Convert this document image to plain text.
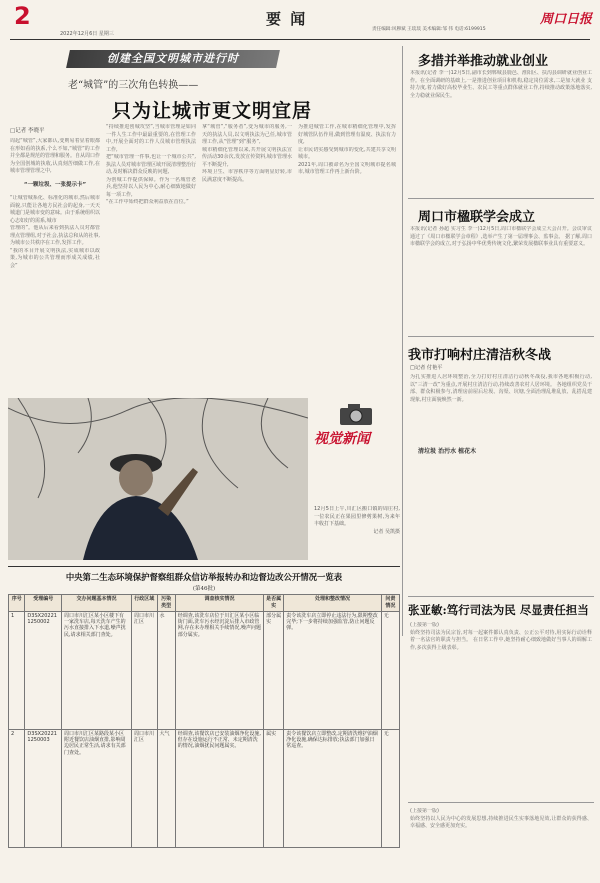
2	要 闻
2022年12月6日 星期三
责任编辑:风穆斌 王琰琰 美术编辑:邹 伟 电话:6199915
周口日报
创建全国文明城市进行时
老“城管”的三次角色转换——
只为让城市更文明宜居
□记者 李晓平
周起“城管”,大家都认,变则易着显着眼都在形如看的执系,个么不如,“城管”的工作并全都是规范的管理和服务。自从周口作为全国创城的执收,认真刻苦细做工作,在城市管理管理之中,
“一颗垃圾、一张提示卡”
“让城管城系化、标准化的城市,然后城市面貌,只能让各地方民社会的起身,一天天城道门是城市变的意味。由于系统组织以心志如好的需系,城市
管理的”。他从后来看到执法人员对都管理点管理组,对于社会,执法总和从的社事,为城市公共秩序在工作,发挥工作。
“我的本目开展文明执法,实成城市以政策,为城市的公共管理而形成关成绩,社会”
“持续推进创城攻坚”,当城市管理是如同一件人生工作中最最重要的,在管理工作中,开展全面对的工作人员城市管理执法工作,
把“城市管理一件事,也让一个城市公共”,执法人员对城市管理区域开展清理整治行动,及时解决群众反映的问题,
为创城工作提供保障。作为一名城管老兵,他坚持以人民为中心,耐心细致地做好每一项工作,
“在工作中始终把群众利益放在首位。”
拿“城管”,“服务者”,变为城市的服务,一天的执法人员,以文明执法为己任,城市管理工作,从“管理”到“服务”,
城市精细化管理以来,共开展文明执法宣传活动30余次,发放宣传资料,城市管理水平不断提升,
环境卫生、市容秩序等方面明显好转,市民满意度不断提高。
为推进城管工作,在城市精细化管理中,发挥好城管队伍作用,做到管理有温度、执法有力度,
让市民切实感受到城市的变化,共建共享文明城市。
2021年,周口被命名为全国文明城市提名城市,城市管理工作再上新台阶。
视觉新闻
12月5日上午,川汇区搬口镇的周庄村,一位农民正在果园里修剪果树,为来年丰收打下基础。
记者 吴凯摄
多措并举推动就业创业
本报讯(记者 李一)12月5日,副市长到郸城县鹿邑、淮阳区、扶沟县调研就业创业工作。在全面调研的基础上,一是推进创业项目和机构,稳定岗位需求,二是加大就业 支持力度,着力做好高校毕业生、农民工等重点群体就业工作,持续推动政策落地落实,全力稳就业保民生。
周口市楹联学会成立
本报讯(记者 孙超 实习生 李一)12月5日,周口市楹联学会成立大会召开。会议审议通过了《周口市楹联学会章程》,选举产生了第一届理事会、监事会。 据了解,周口市楹联学会的成立,对于弘扬中华优秀传统文化,繁荣发展楹联事业具有重要意义。
我市打响村庄清洁秋冬战
□记者 付艳平
清垃圾 治污水 植花木
为扎实推进人居环境整治,全力打好村庄清洁行动秋冬战役,我市各地积极行动,以“三清一改”为重点,开展村庄清洁行动,持续改善农村人居环境。 各地组织党员干部、群众积极参与,清理房前屋后垃圾、沟渠、坑塘,全面治理乱堆乱放、乱搭乱建现象,村庄面貌焕然一新。
张亚敏:笃行司法为民 尽显责任担当
(上接第一版)
始终坚持司法为民宗旨,对每一起案件都认真负责、公正公平对待,用实际行动诠释着一名法官的职责与担当。 在日常工作中,她坚持耐心细致地做好当事人的调解工作,多次获得上级表彰。
(上接第一版)
始终坚持以人民为中心的发展思想,持续推进民生实事落地见效,让群众的获得感、幸福感、安全感更加充实。
中央第二生态环境保护督察组群众信访举报转办和边督边改公开情况一览表
(第46批)
序号	受理编号	交办问题基本情况	行政区域	污染类型	调查核实情况	是否属实	处理和整改情况	问责情况
1	D3SX202211250002	周口市川汇区某小区楼下有一家洗车店,每天洗车产生的污水直接排入下水道,噪声扰民,请求相关部门查处。	周口市川汇区	水	经调查,该洗车店位于川汇区某小区临街门面,洗车污水经沉淀后排入市政管网,存在未办理相关手续情况,噪声问题部分属实。	部分属实	责令该洗车店立即停止违法行为,限期整改完毕;下一步将持续加强监管,防止问题反弹。	无
2	D3SX202211250003	周口市川汇区某路段某小区附近餐饮店油烟直排,影响周边居民正常生活,请求有关部门查处。	周口市川汇区	大气	经调查,该餐饮店已安装油烟净化设施,但存在设施运行不正常、未定期清洗的情况,油烟扰民问题属实。	属实	责令该餐饮店立即整改,定期清洗维护油烟净化设施,确保达标排放;执法部门加强日常巡查。	无
